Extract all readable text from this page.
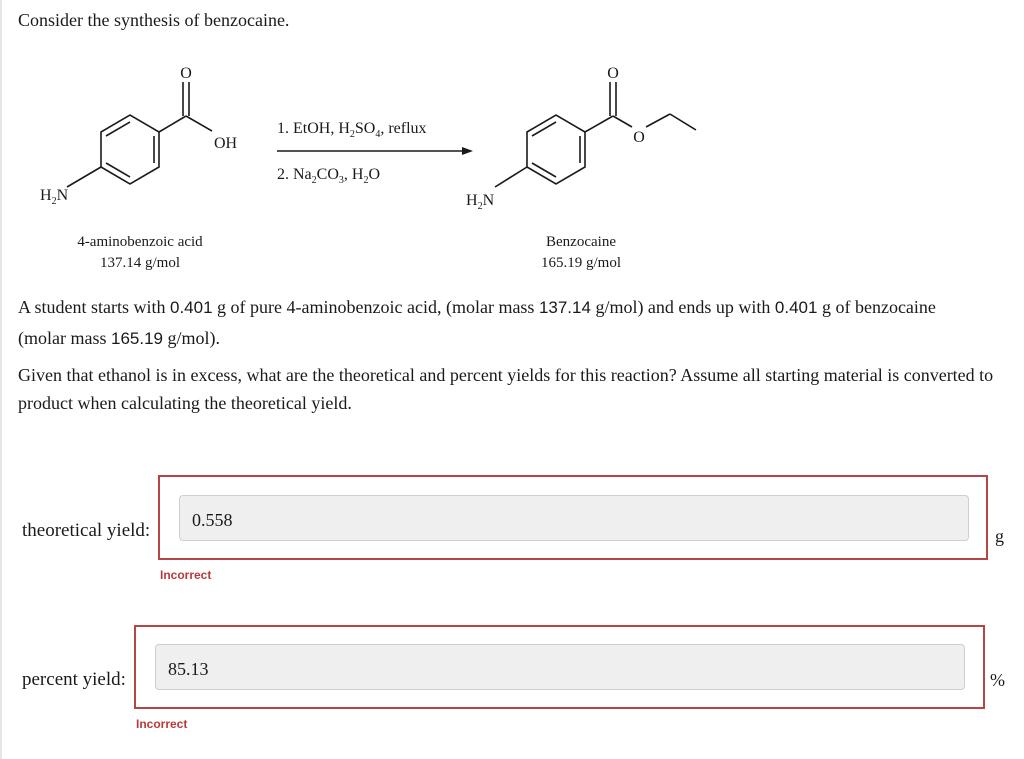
Consider the synthesis of benzocaine.
O
OH
$H_2N$
4-aminobenzoic acid
137.14 g/mol
1. EtOH, $H_2SO_4$, reflux
2. $Na_2CO_3$, $H_2O$
O
O
$H_2N$
Benzocaine
165.19 g/mol
A student starts with 0.401 g of pure 4-aminobenzoic acid, (molar mass 137.14 g/mol) and ends up with 0.401 g of benzocaine
(molar mass 165.19 g/mol).
Given that ethanol is in excess, what are the theoretical and percent yields for this reaction? Assume all starting material is converted to product when calculating the theoretical yield.
theoretical yield:	0.558
g
Incorrect
percent yield:	85.13
%
Incorrect
